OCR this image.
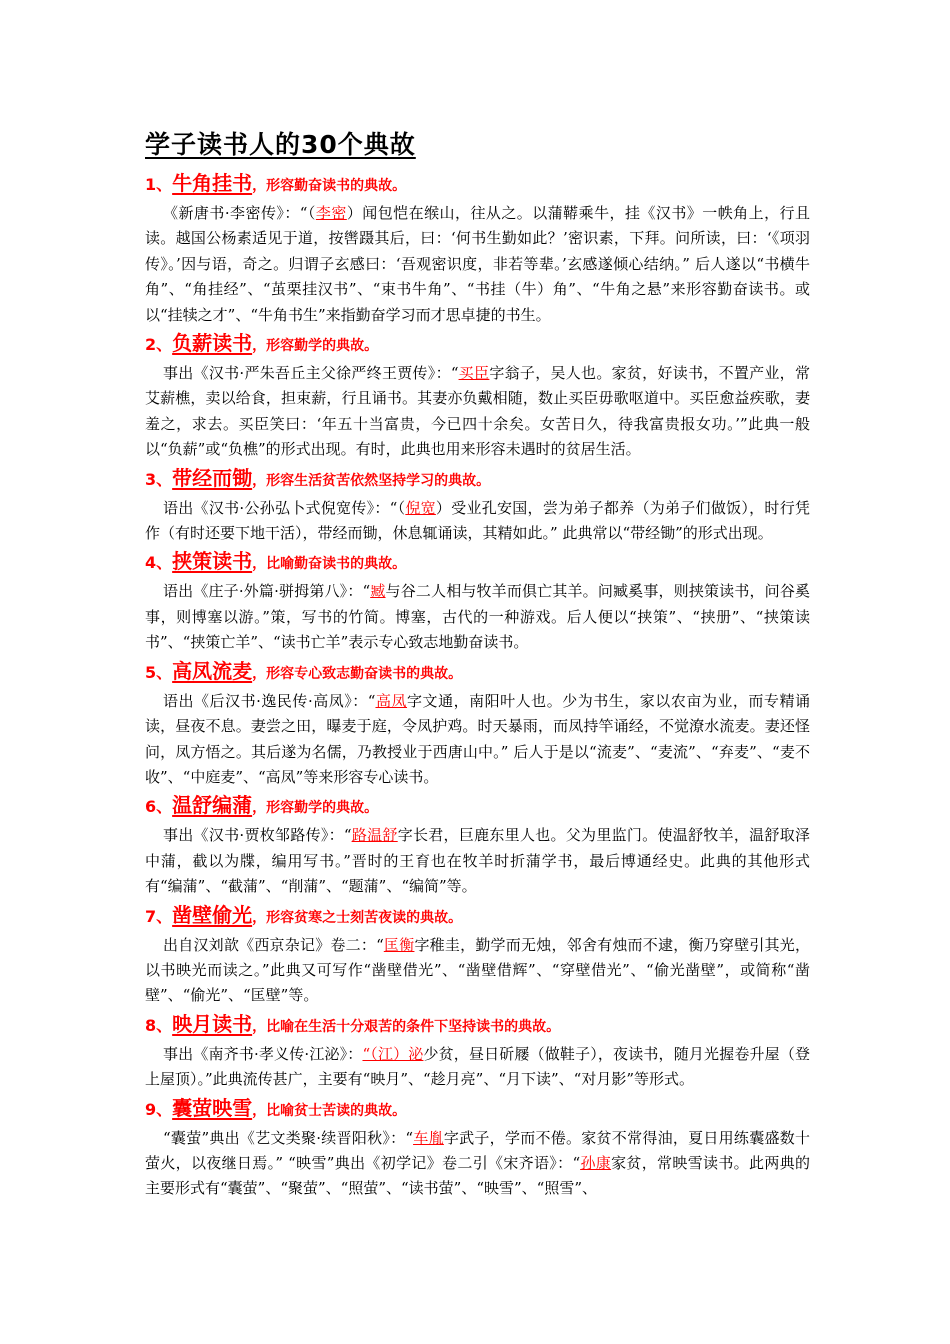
学子读书人的30个典故
1、牛角挂书，形容勤奋读书的典故。

《新唐书·李密传》：“（李密）闻包恺在缑山，往从之。以蒲鞯乘牛，挂《汉书》一帙角上，行且读。越国公杨素适见于道，按辔蹑其后，曰：‘何书生勤如此？’密识素，下拜。问所读，曰：‘《项羽传》。’因与语，奇之。归谓子玄感曰：‘吾观密识度，非若等辈。’玄感遂倾心结纳。” 后人遂以“书横牛角”、“角挂经”、“茧栗挂汉书”、“束书牛角”、“书挂（牛）角”、“牛角之悬”来形容勤奋读书。或以“挂犊之才”、“牛角书生”来指勤奋学习而才思卓捷的书生。

2、负薪读书，形容勤学的典故。

事出《汉书·严朱吾丘主父徐严终王贾传》：“买臣字翁子，吴人也。家贫，好读书，不置产业，常艾薪樵，卖以给食，担束薪，行且诵书。其妻亦负戴相随，数止买臣毋歌呕道中。买臣愈益疾歌，妻羞之，求去。买臣笑曰：‘年五十当富贵，今已四十余矣。女苦日久，待我富贵报女功。’”此典一般以“负薪”或“负樵”的形式出现。有时，此典也用来形容未遇时的贫居生活。

3、带经而锄，形容生活贫苦依然坚持学习的典故。

语出《汉书·公孙弘卜式倪宽传》：“（倪宽）受业孔安国，尝为弟子都养（为弟子们做饭），时行凭作（有时还要下地干活），带经而锄，休息辄诵读，其精如此。” 此典常以“带经锄”的形式出现。

4、挟策读书，比喻勤奋读书的典故。

语出《庄子·外篇·骈拇第八》：“臧与谷二人相与牧羊而俱亡其羊。问臧奚事，则挟策读书，问谷奚事，则博塞以游。”策，写书的竹简。博塞，古代的一种游戏。后人便以“挟策”、“挟册”、“挟策读书”、“挟策亡羊”、“读书亡羊”表示专心致志地勤奋读书。

5、高凤流麦，形容专心致志勤奋读书的典故。

语出《后汉书·逸民传·高凤》：“高凤字文通，南阳叶人也。少为书生，家以农亩为业，而专精诵读，昼夜不息。妻尝之田，曝麦于庭，令凤护鸡。时天暴雨，而凤持竿诵经，不觉潦水流麦。妻还怪问，凤方悟之。其后遂为名儒，乃教授业于西唐山中。” 后人于是以“流麦”、“麦流”、“弃麦”、“麦不收”、“中庭麦”、“高凤”等来形容专心读书。

6、温舒编蒲，形容勤学的典故。

事出《汉书·贾枚邹路传》：“路温舒字长君，巨鹿东里人也。父为里监门。使温舒牧羊，温舒取泽中蒲，截以为牒，编用写书。”晋时的王育也在牧羊时折蒲学书，最后博通经史。此典的其他形式有“编蒲”、“截蒲”、“削蒲”、“题蒲”、“编简”等。

7、凿壁偷光，形容贫寒之士刻苦夜读的典故。

出自汉刘歆《西京杂记》卷二：“匡衡字稚圭，勤学而无烛，邻舍有烛而不逮，衡乃穿壁引其光，以书映光而读之。”此典又可写作“凿壁借光”、“凿壁借辉”、“穿壁借光”、“偷光凿壁”，或简称“凿壁”、“偷光”、“匡壁”等。

8、映月读书，比喻在生活十分艰苦的条件下坚持读书的典故。

事出《南齐书·孝义传·江泌》：“（江）泌少贫，昼日斫屦（做鞋子），夜读书，随月光握卷升屋（登上屋顶）。”此典流传甚广，主要有“映月”、“趁月亮”、“月下读”、“对月影”等形式。

9、囊萤映雪，比喻贫士苦读的典故。

“囊萤”典出《艺文类聚·续晋阳秋》：“车胤字武子，学而不倦。家贫不常得油，夏日用练囊盛数十萤火，以夜继日焉。” “映雪”典出《初学记》卷二引《宋齐语》：“孙康家贫，常映雪读书。此两典的主要形式有“囊萤”、“聚萤”、“照萤”、“读书萤”、“映雪”、“照雪”、
